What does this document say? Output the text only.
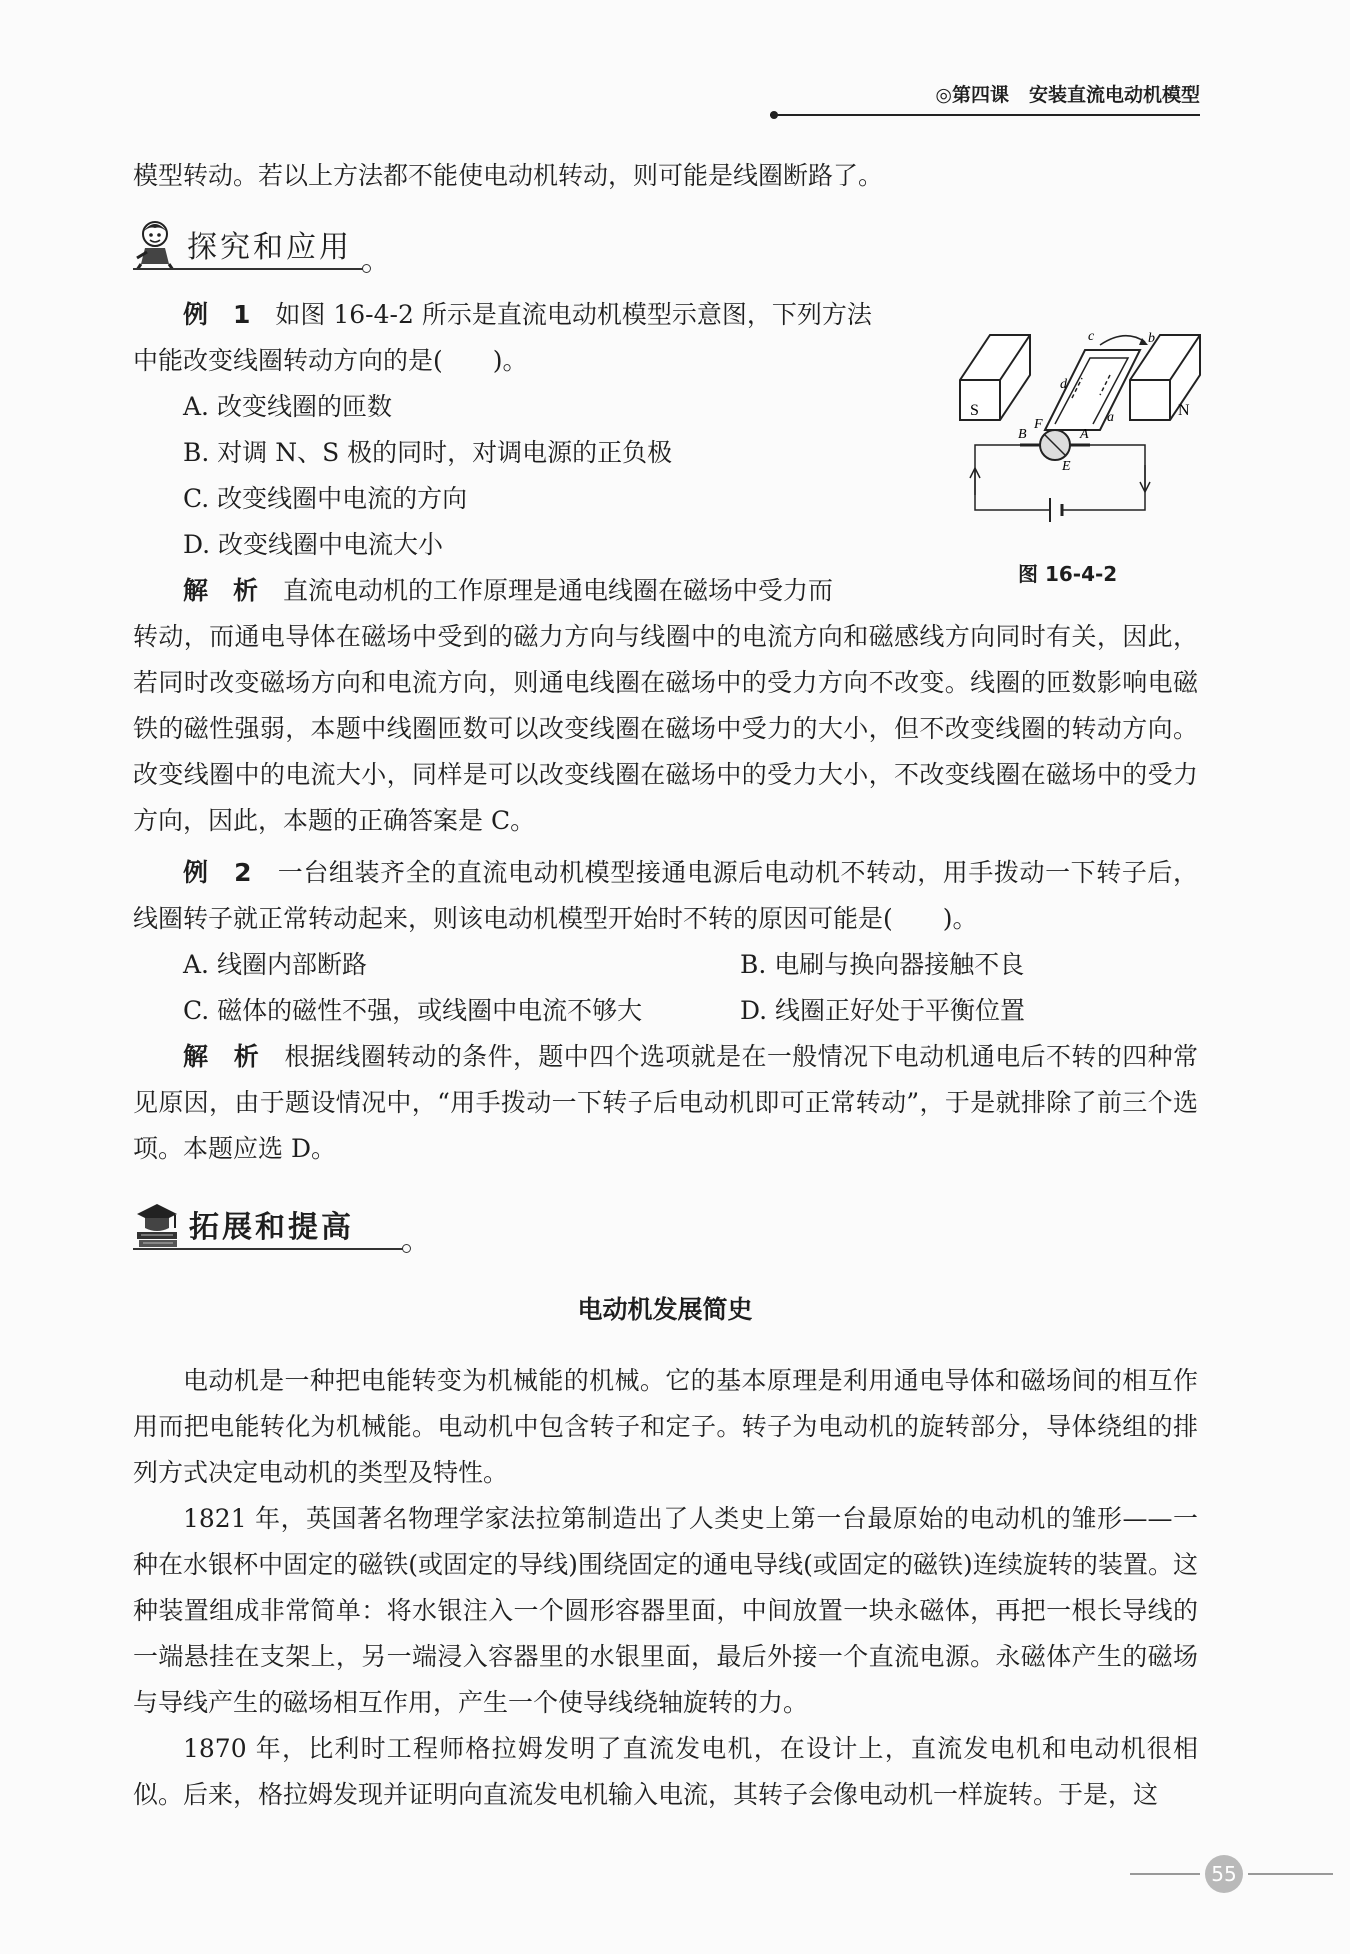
◎第四课 安装直流电动机模型

模型转动。若以上方法都不能使电动机转动，则可能是线圈断路了。

探究和应用

例　1　 如图 16-4-2 所示是直流电动机模型示意图，下列方法

中能改变线圈转动方向的是(　　)。

A. 改变线圈的匝数

B. 对调 N、S 极的同时，对调电源的正负极

C. 改变线圈中电流的方向

D. 改变线圈中电流大小

解　析　 直流电动机的工作原理是通电线圈在磁场中受力而

转动，而通电导体在磁场中受到的磁力方向与线圈中的电流方向和磁感线方向同时有关，因此，若同时改变磁场方向和电流方向，则通电线圈在磁场中的受力方向不改变。线圈的匝数影响电磁铁的磁性强弱，本题中线圈匝数可以改变线圈在磁场中受力的大小，但不改变线圈的转动方向。改变线圈中的电流大小，同样是可以改变线圈在磁场中的受力大小，不改变线圈在磁场中的受力方向，因此，本题的正确答案是 C。

S	N
a
b
c
d
A
B
E
F
图 16-4-2

例　2　 一台组装齐全的直流电动机模型接通电源后电动机不转动，用手拨动一下转子后，线圈转子就正常转动起来，则该电动机模型开始时不转的原因可能是(　　)。

A. 线圈内部断路	B. 电刷与换向器接触不良

C. 磁体的磁性不强，或线圈中电流不够大	D. 线圈正好处于平衡位置

解　析　 根据线圈转动的条件，题中四个选项就是在一般情况下电动机通电后不转的四种常见原因，由于题设情况中，“用手拨动一下转子后电动机即可正常转动”，于是就排除了前三个选项。本题应选 D。

拓展和提高
电动机发展简史

电动机是一种把电能转变为机械能的机械。它的基本原理是利用通电导体和磁场间的相互作用而把电能转化为机械能。电动机中包含转子和定子。转子为电动机的旋转部分，导体绕组的排列方式决定电动机的类型及特性。

1821 年，英国著名物理学家法拉第制造出了人类史上第一台最原始的电动机的雏形——一种在水银杯中固定的磁铁(或固定的导线)围绕固定的通电导线(或固定的磁铁)连续旋转的装置。这种装置组成非常简单：将水银注入一个圆形容器里面，中间放置一块永磁体，再把一根长导线的一端悬挂在支架上，另一端浸入容器里的水银里面，最后外接一个直流电源。永磁体产生的磁场与导线产生的磁场相互作用，产生一个使导线绕轴旋转的力。

1870 年，比利时工程师格拉姆发明了直流发电机，在设计上，直流发电机和电动机很相似。后来，格拉姆发现并证明向直流发电机输入电流，其转子会像电动机一样旋转。于是，这

55
